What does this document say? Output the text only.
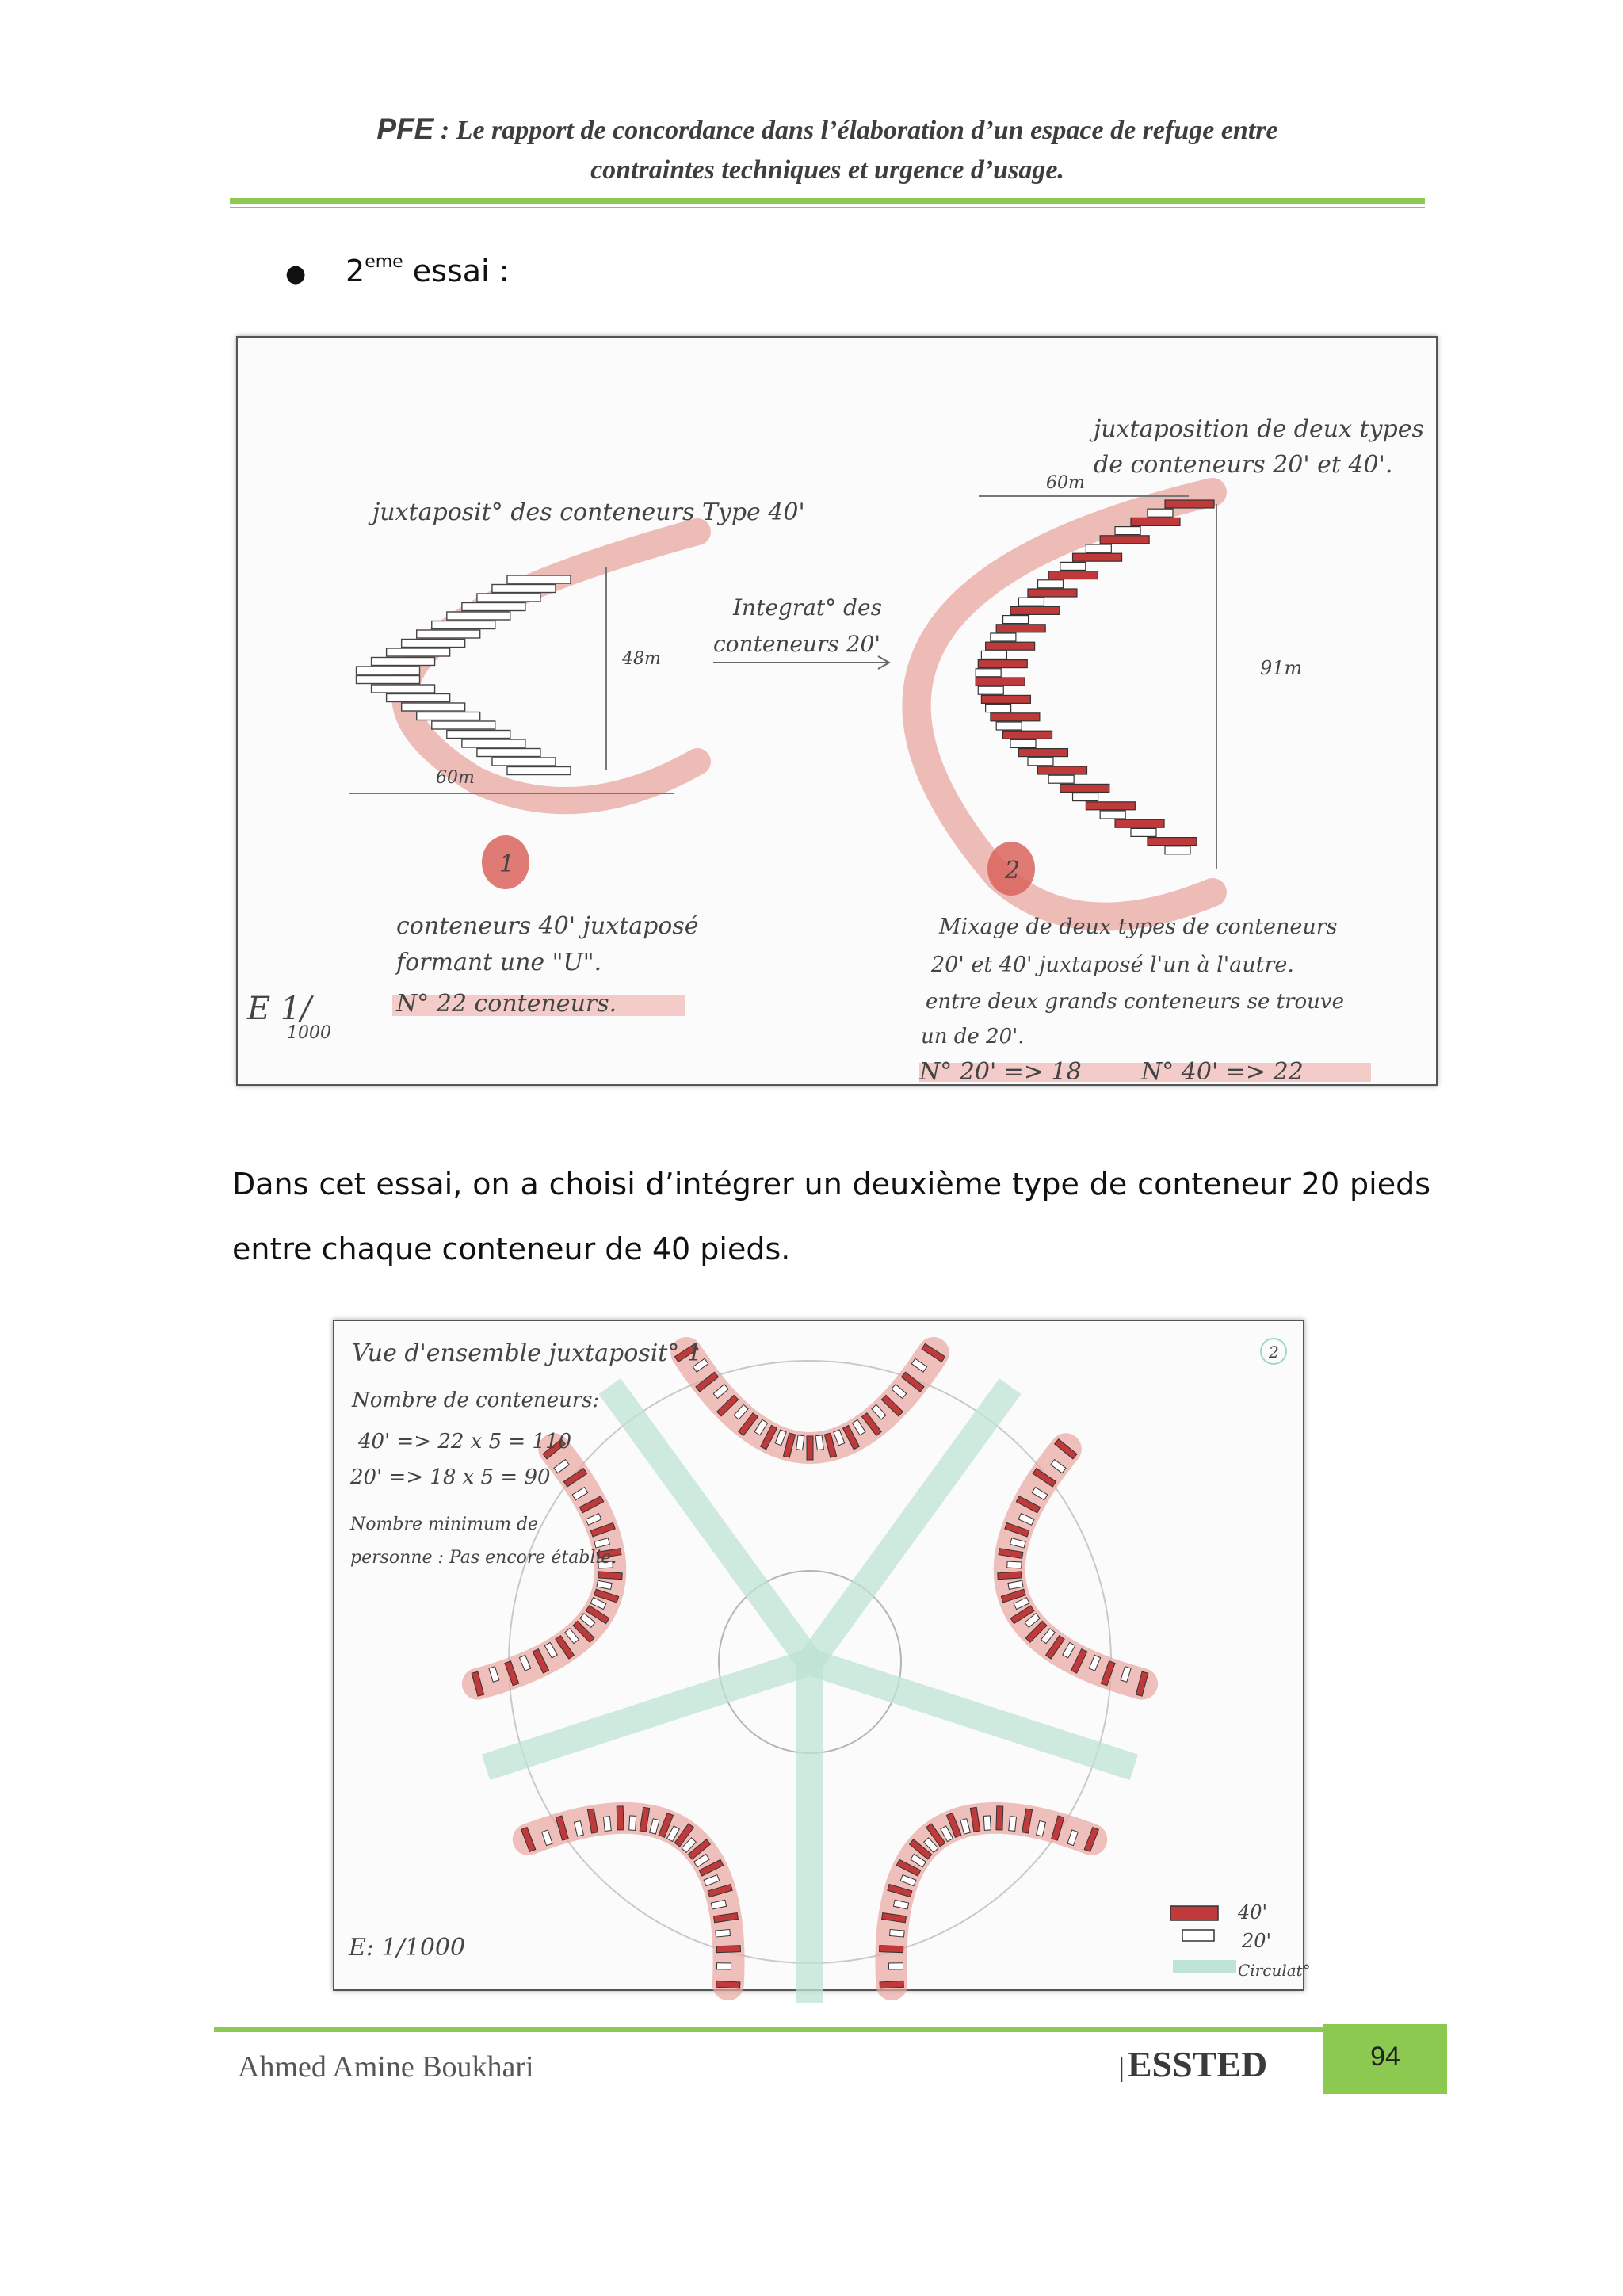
PFE : Le rapport de concordance dans l’élaboration d’un espace de refuge entre
contraintes techniques et urgence d’usage.
● 2eme essai :
48m
60m
juxtaposit° des conteneurs Type 40'
1
conteneurs 40' juxtaposé
formant une "U".
N° 22 conteneurs.
E 1/
1000
Integrat° des
conteneurs 20'
60m
91m
juxtaposition de deux types
de conteneurs 20' et 40'.
2
Mixage de deux types de conteneurs
20' et 40' juxtaposé l'un à l'autre.
entre deux grands conteneurs se trouve
un de 20'.
N° 20' => 18	N° 40' => 22
Dans cet essai, on a choisi d’intégrer un deuxième type de conteneur 20 pieds
entre chaque conteneur de 40 pieds.
Vue d'ensemble juxtaposit° 1
Nombre de conteneurs:
40' => 22 x 5 = 110
20' => 18 x 5 = 90
Nombre minimum de
personne : Pas encore établie.
2
E: 1/1000
40'
20'
Circulat°
Ahmed Amine Boukhari	|ESSTED	94
